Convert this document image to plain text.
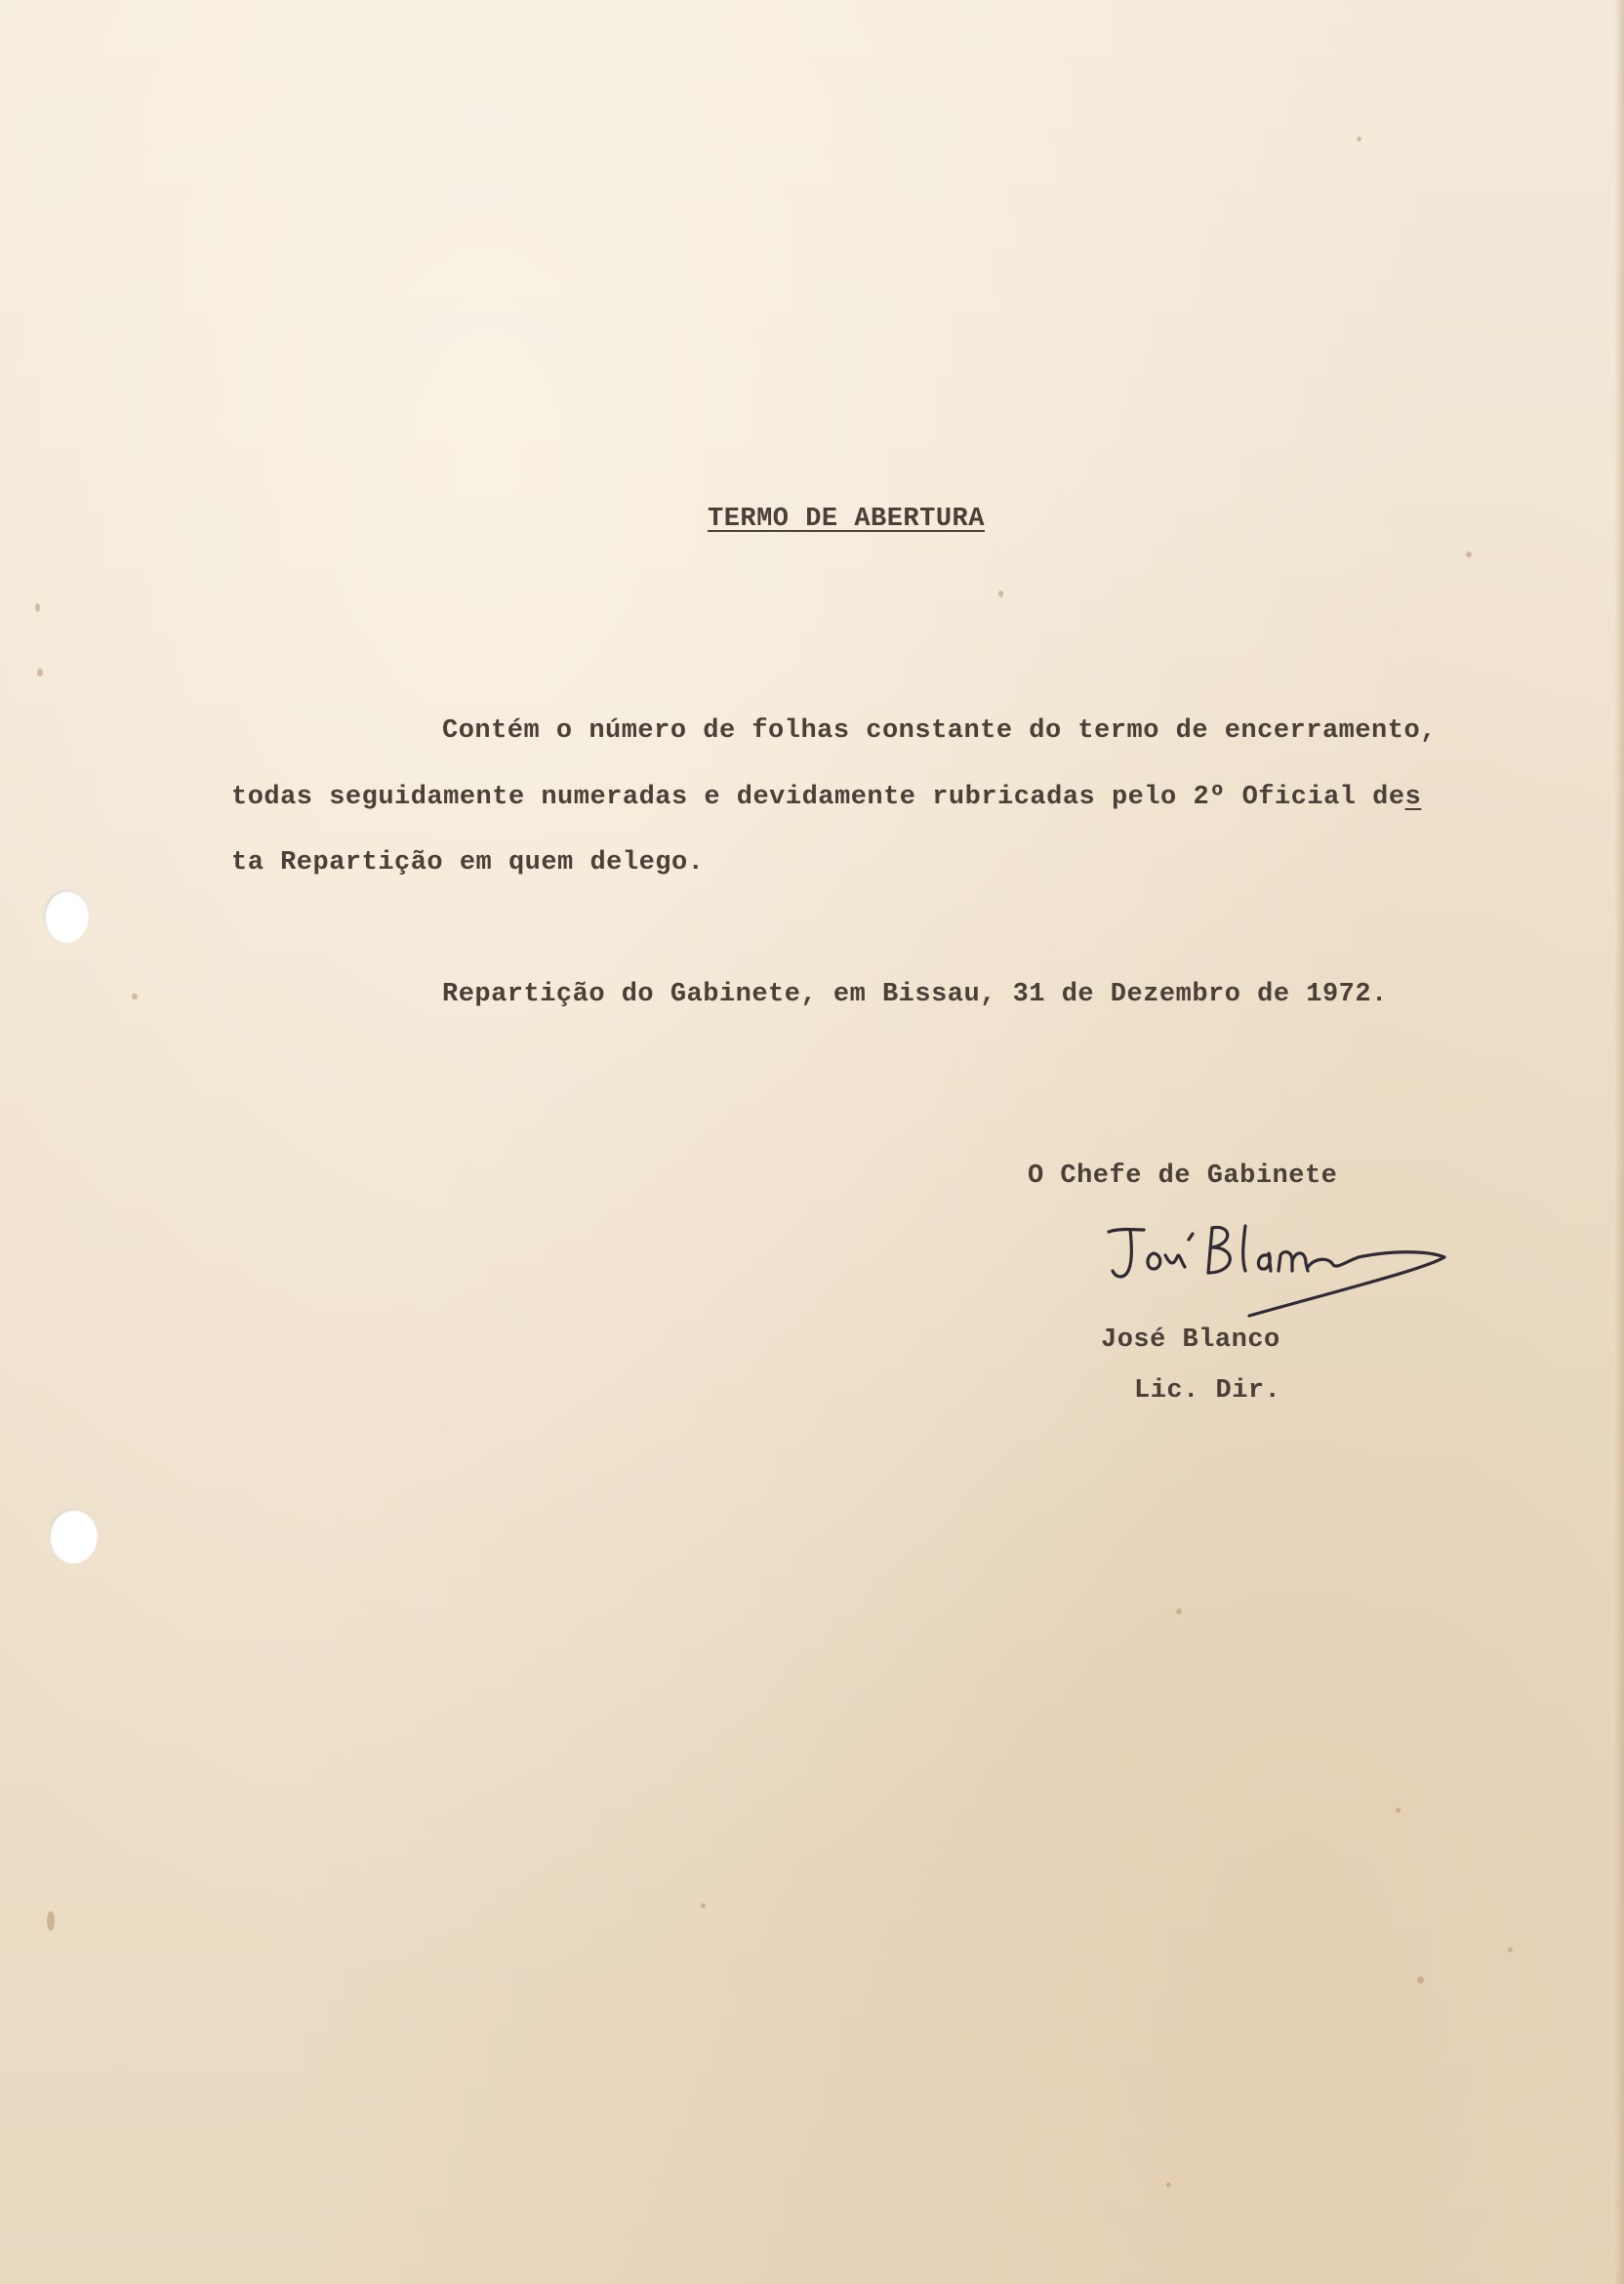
TERMO DE ABERTURA
Contém o número de folhas constante do termo de encerramento,
todas seguidamente numeradas e devidamente rubricadas pelo 2º Oficial des
ta Repartição em quem delego.
Repartição do Gabinete, em Bissau, 31 de Dezembro de 1972.
O Chefe de Gabinete
José Blanco
Lic. Dir.
